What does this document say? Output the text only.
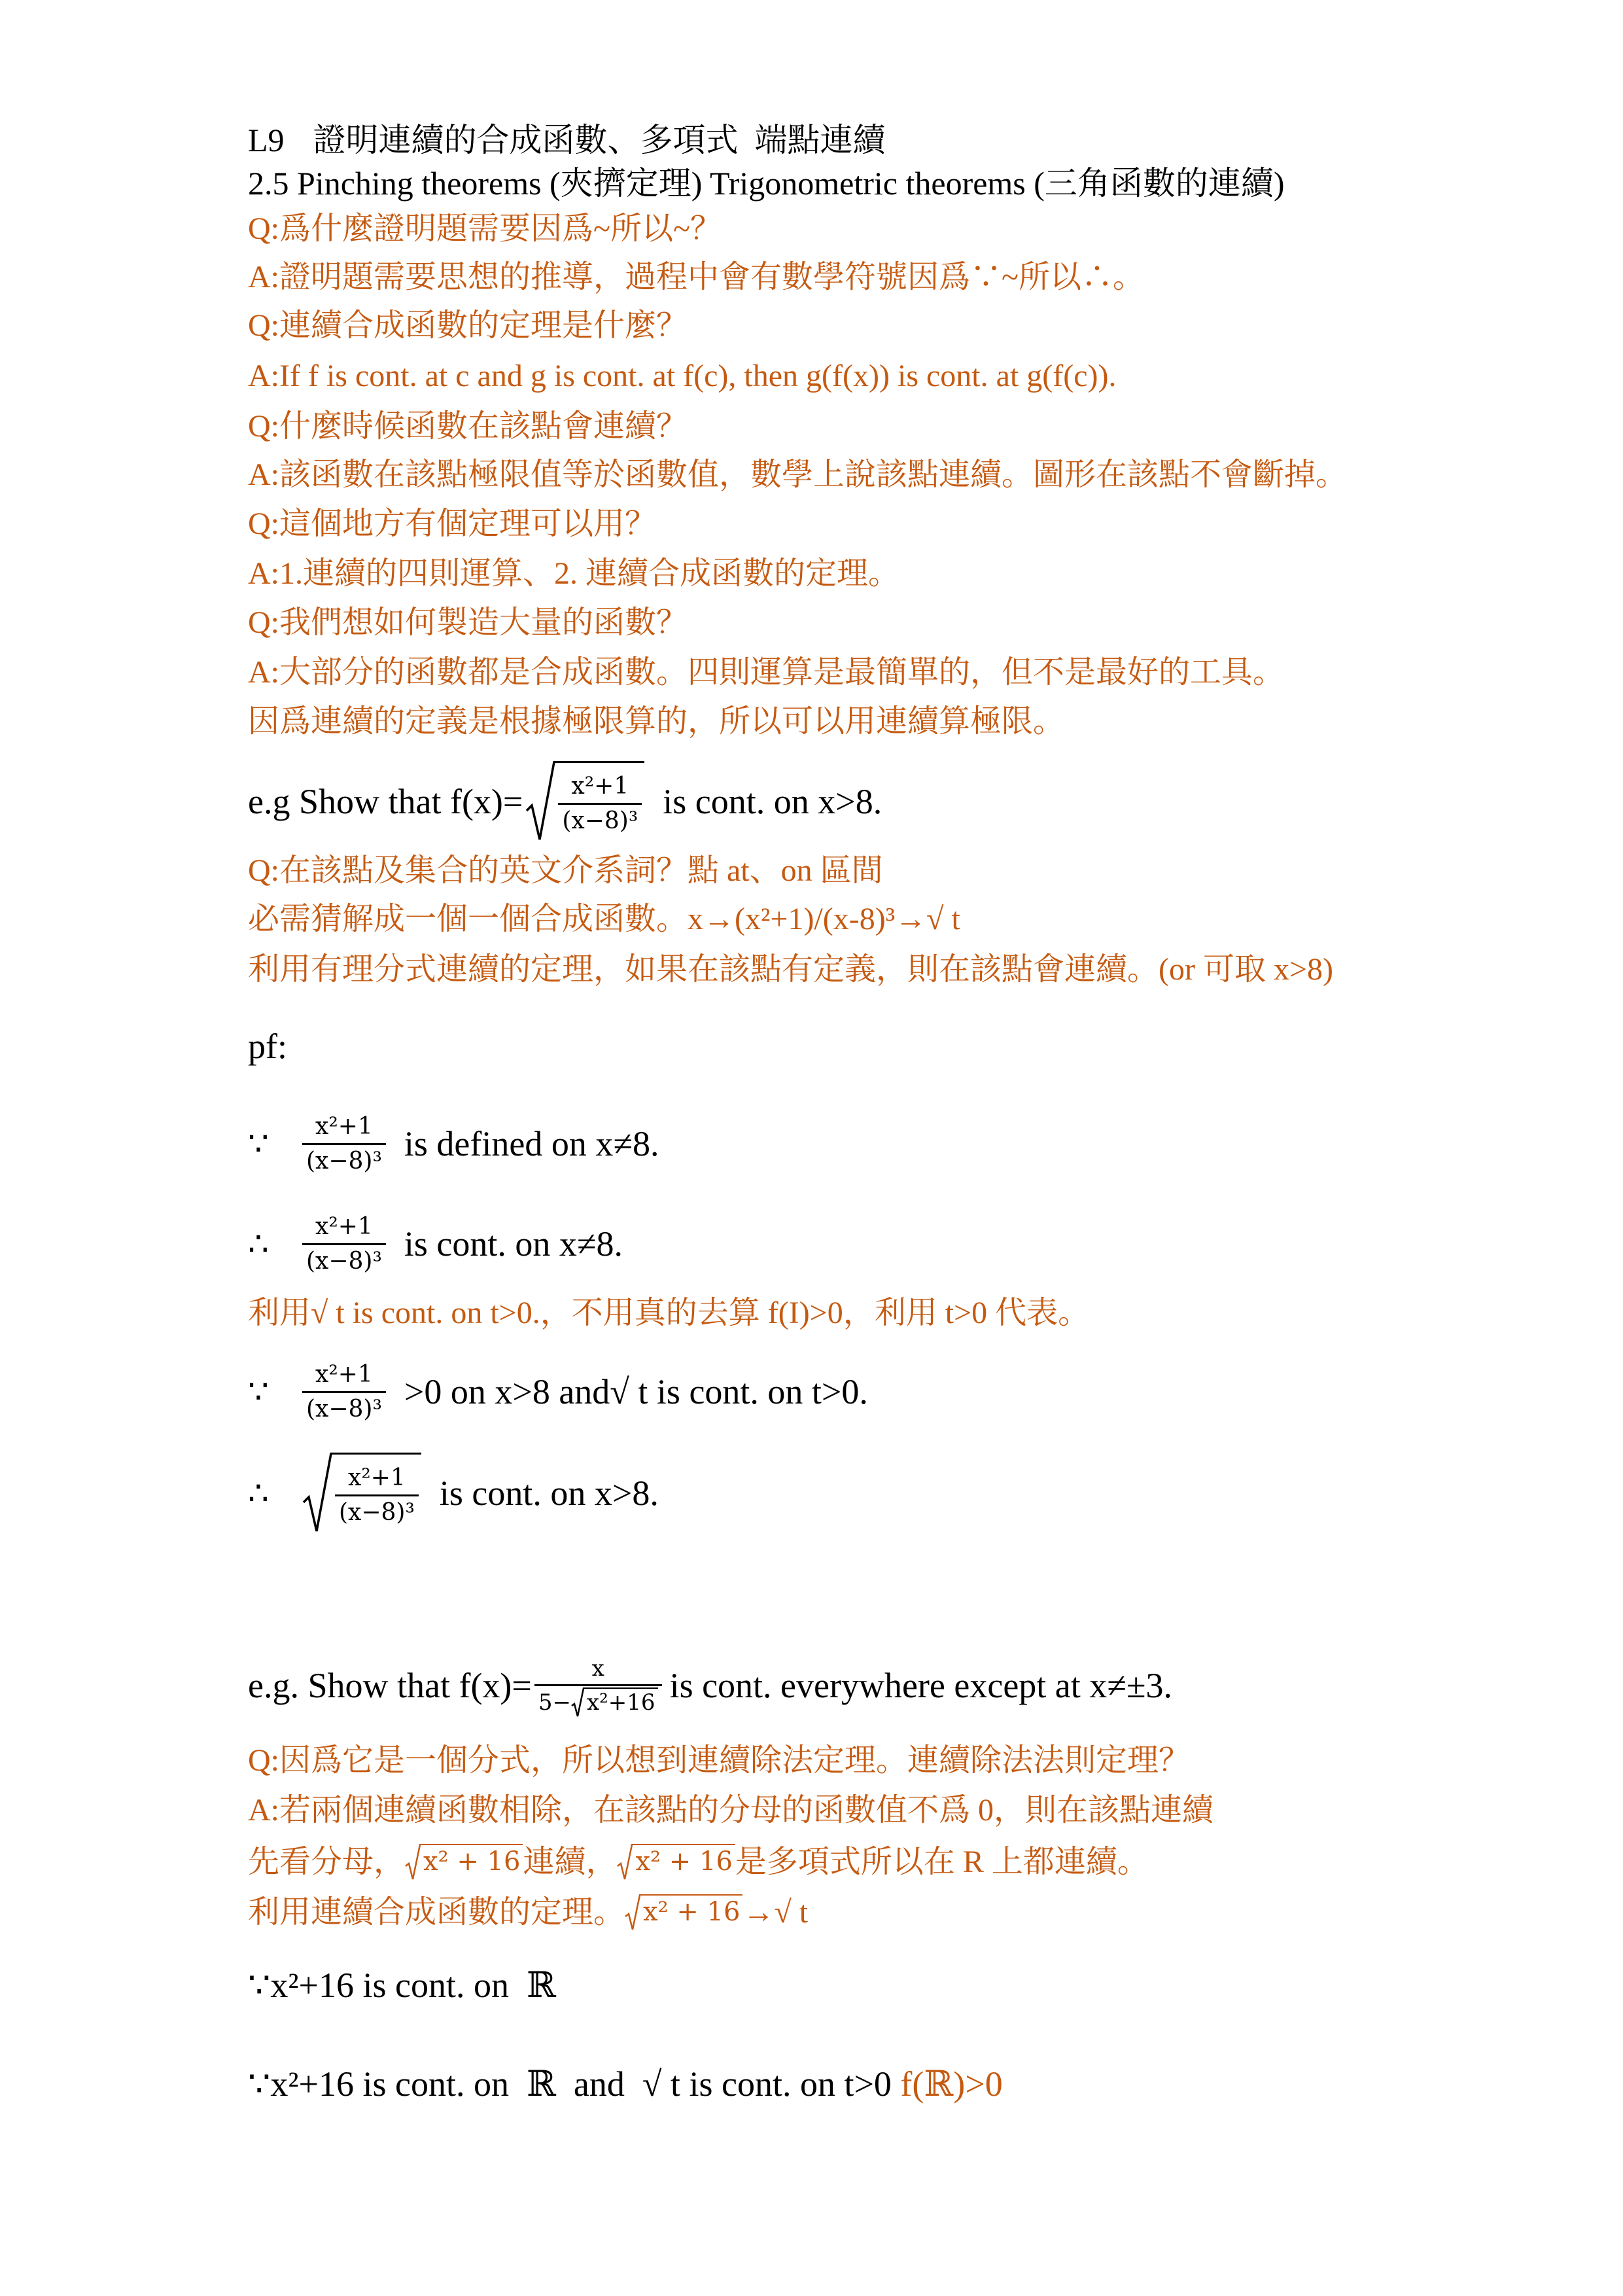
L9 證明連續的合成函數、多項式  端點連續
2.5 Pinching theorems (夾擠定理) Trigonometric theorems (三角函數的連續)
Q:爲什麼證明題需要因爲~所以~？
A:證明題需要思想的推導，過程中會有數學符號因爲∵~所以∴。
Q:連續合成函數的定理是什麼？
A:If f is cont. at c and g is cont. at f(c), then g(f(x)) is cont. at g(f(c)).
Q:什麼時候函數在該點會連續？
A:該函數在該點極限值等於函數值，數學上說該點連續。圖形在該點不會斷掉。
Q:這個地方有個定理可以用？
A:1.連續的四則運算、2. 連續合成函數的定理。
Q:我們想如何製造大量的函數？
A:大部分的函數都是合成函數。四則運算是最簡單的，但不是最好的工具。
因爲連續的定義是根據極限算的，所以可以用連續算極限。
e.g Show that $f(x)= \frac{\text{x²+1}}{\text{(x−8)³}}$ is cont. on x>8.
Q:在該點及集合的英文介系詞？點 at、on 區間
必需猜解成一個一個合成函數。x→(x²+1)/(x-8)³→√ t
利用有理分式連續的定理，如果在該點有定義，則在該點會連續。(or 可取 x>8)
pf:
∵	$\frac{\text{x²+1}}{\text{(x−8)³}}$ is defined on x≠8.
∴	$\frac{\text{x²+1}}{\text{(x−8)³}}$ is cont. on x≠8.
利用√ t is cont. on t>0.，不用真的去算 f(I)>0，利用 t>0 代表。
∵	$\frac{\text{x²+1}}{\text{(x−8)³}} >0$ on x>8 and√ t is cont. on t>0.
∴	$\frac{\text{x²+1}}{\text{(x−8)³}}$ is cont. on x>8.
e.g. Show that $f(x)= \frac{x}{\text{5− x²+16}}$ is cont. everywhere except at x≠±3.
Q:因爲它是一個分式，所以想到連續除法定理。連續除法法則定理？
A:若兩個連續函數相除，在該點的分母的函數值不爲 0，則在該點連續
先看分母， x² + 16 連續， x² + 16 是多項式所以在 R 上都連續。
利用連續合成函數的定理。 x² + 16 →√ t
∵x²+16 is cont. on  ℝ
∵x²+16 is cont. on  ℝ  and  √ t is cont. on t>0 f(ℝ)>0
